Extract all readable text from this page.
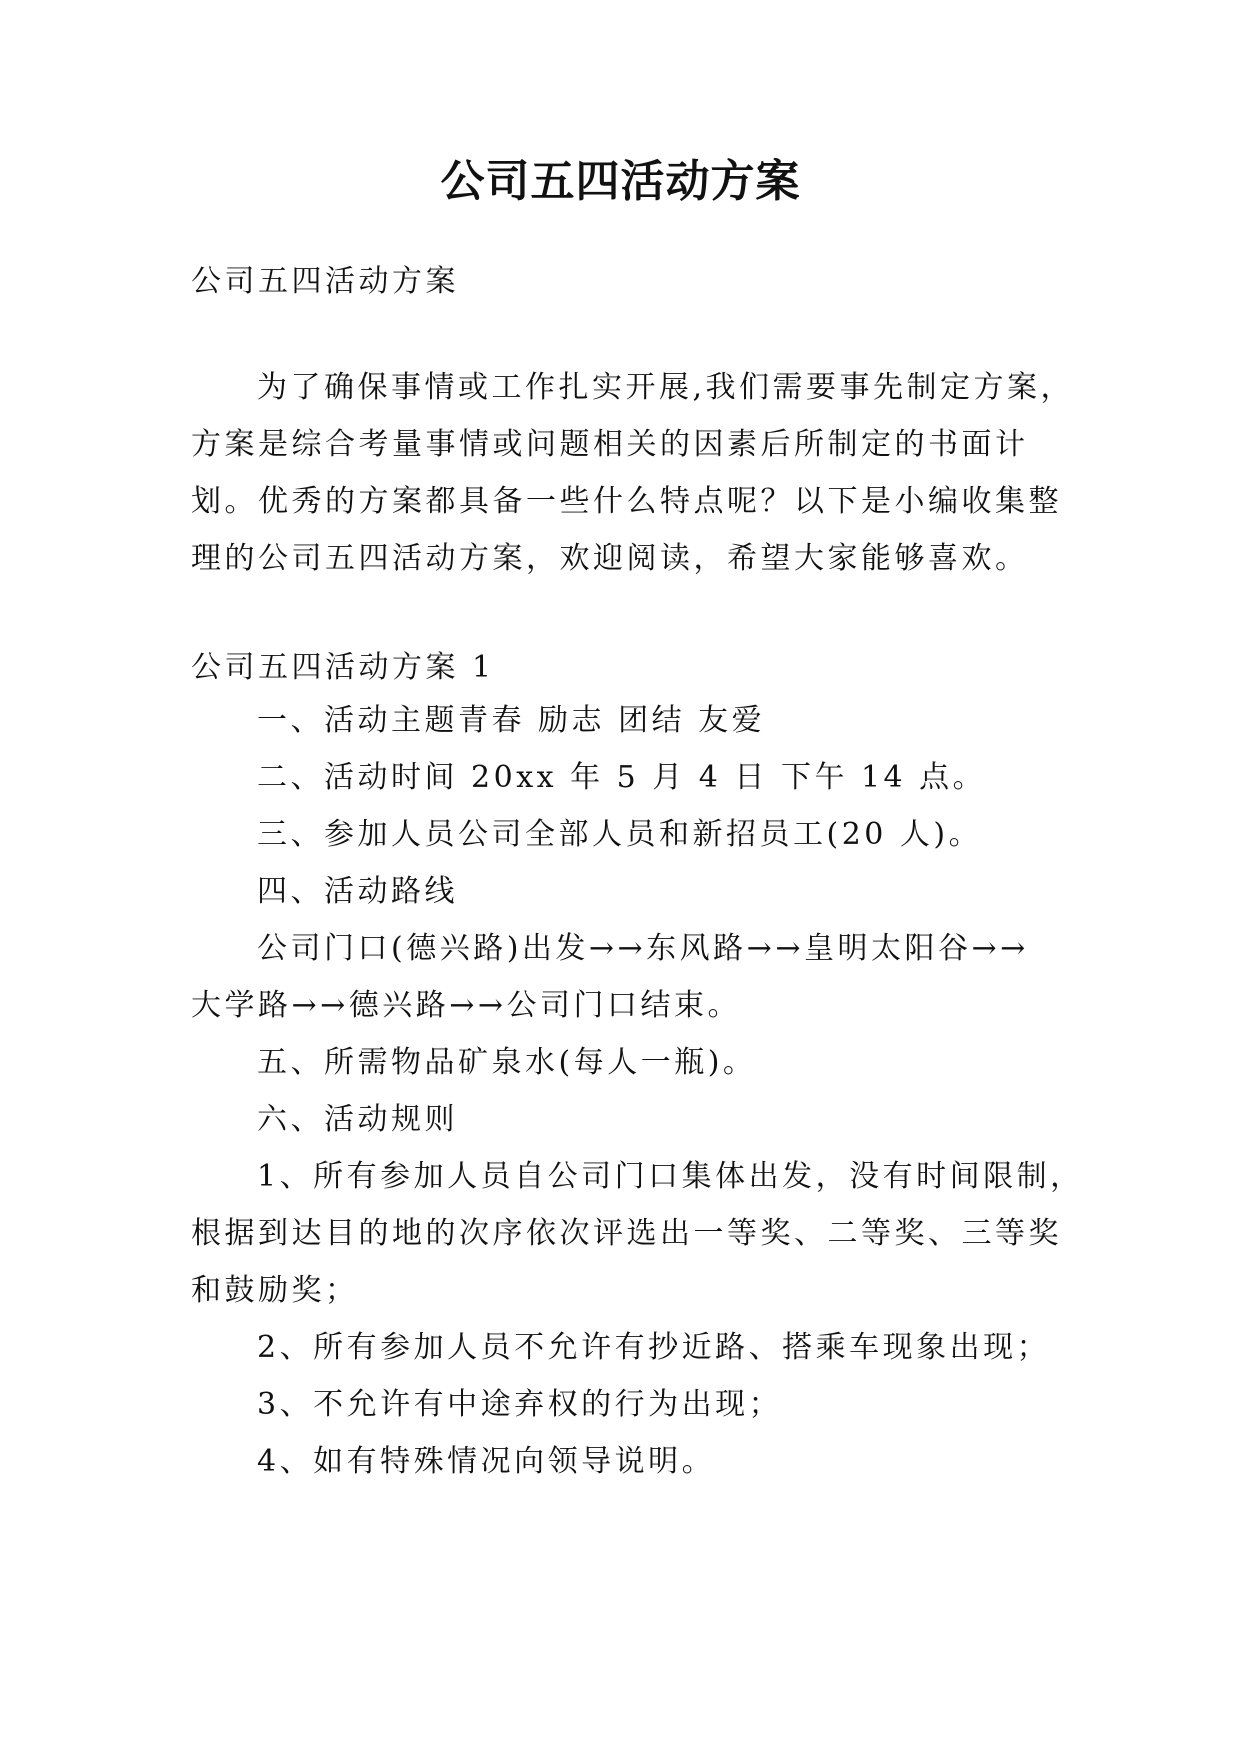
公司五四活动方案
公司五四活动方案
为了确保事情或工作扎实开展,我们需要事先制定方案，
方案是综合考量事情或问题相关的因素后所制定的书面计
划。优秀的方案都具备一些什么特点呢？以下是小编收集整
理的公司五四活动方案，欢迎阅读，希望大家能够喜欢。
公司五四活动方案 1
一、活动主题青春 励志 团结 友爱
二、活动时间 20xx 年 5 月 4 日 下午 14 点。
三、参加人员公司全部人员和新招员工(20 人)。
四、活动路线
公司门口(德兴路)出发→→东风路→→皇明太阳谷→→
大学路→→德兴路→→公司门口结束。
五、所需物品矿泉水(每人一瓶)。
六、活动规则
1、所有参加人员自公司门口集体出发，没有时间限制，
根据到达目的地的次序依次评选出一等奖、二等奖、三等奖
和鼓励奖；
2、所有参加人员不允许有抄近路、搭乘车现象出现；
3、不允许有中途弃权的行为出现；
4、如有特殊情况向领导说明。
